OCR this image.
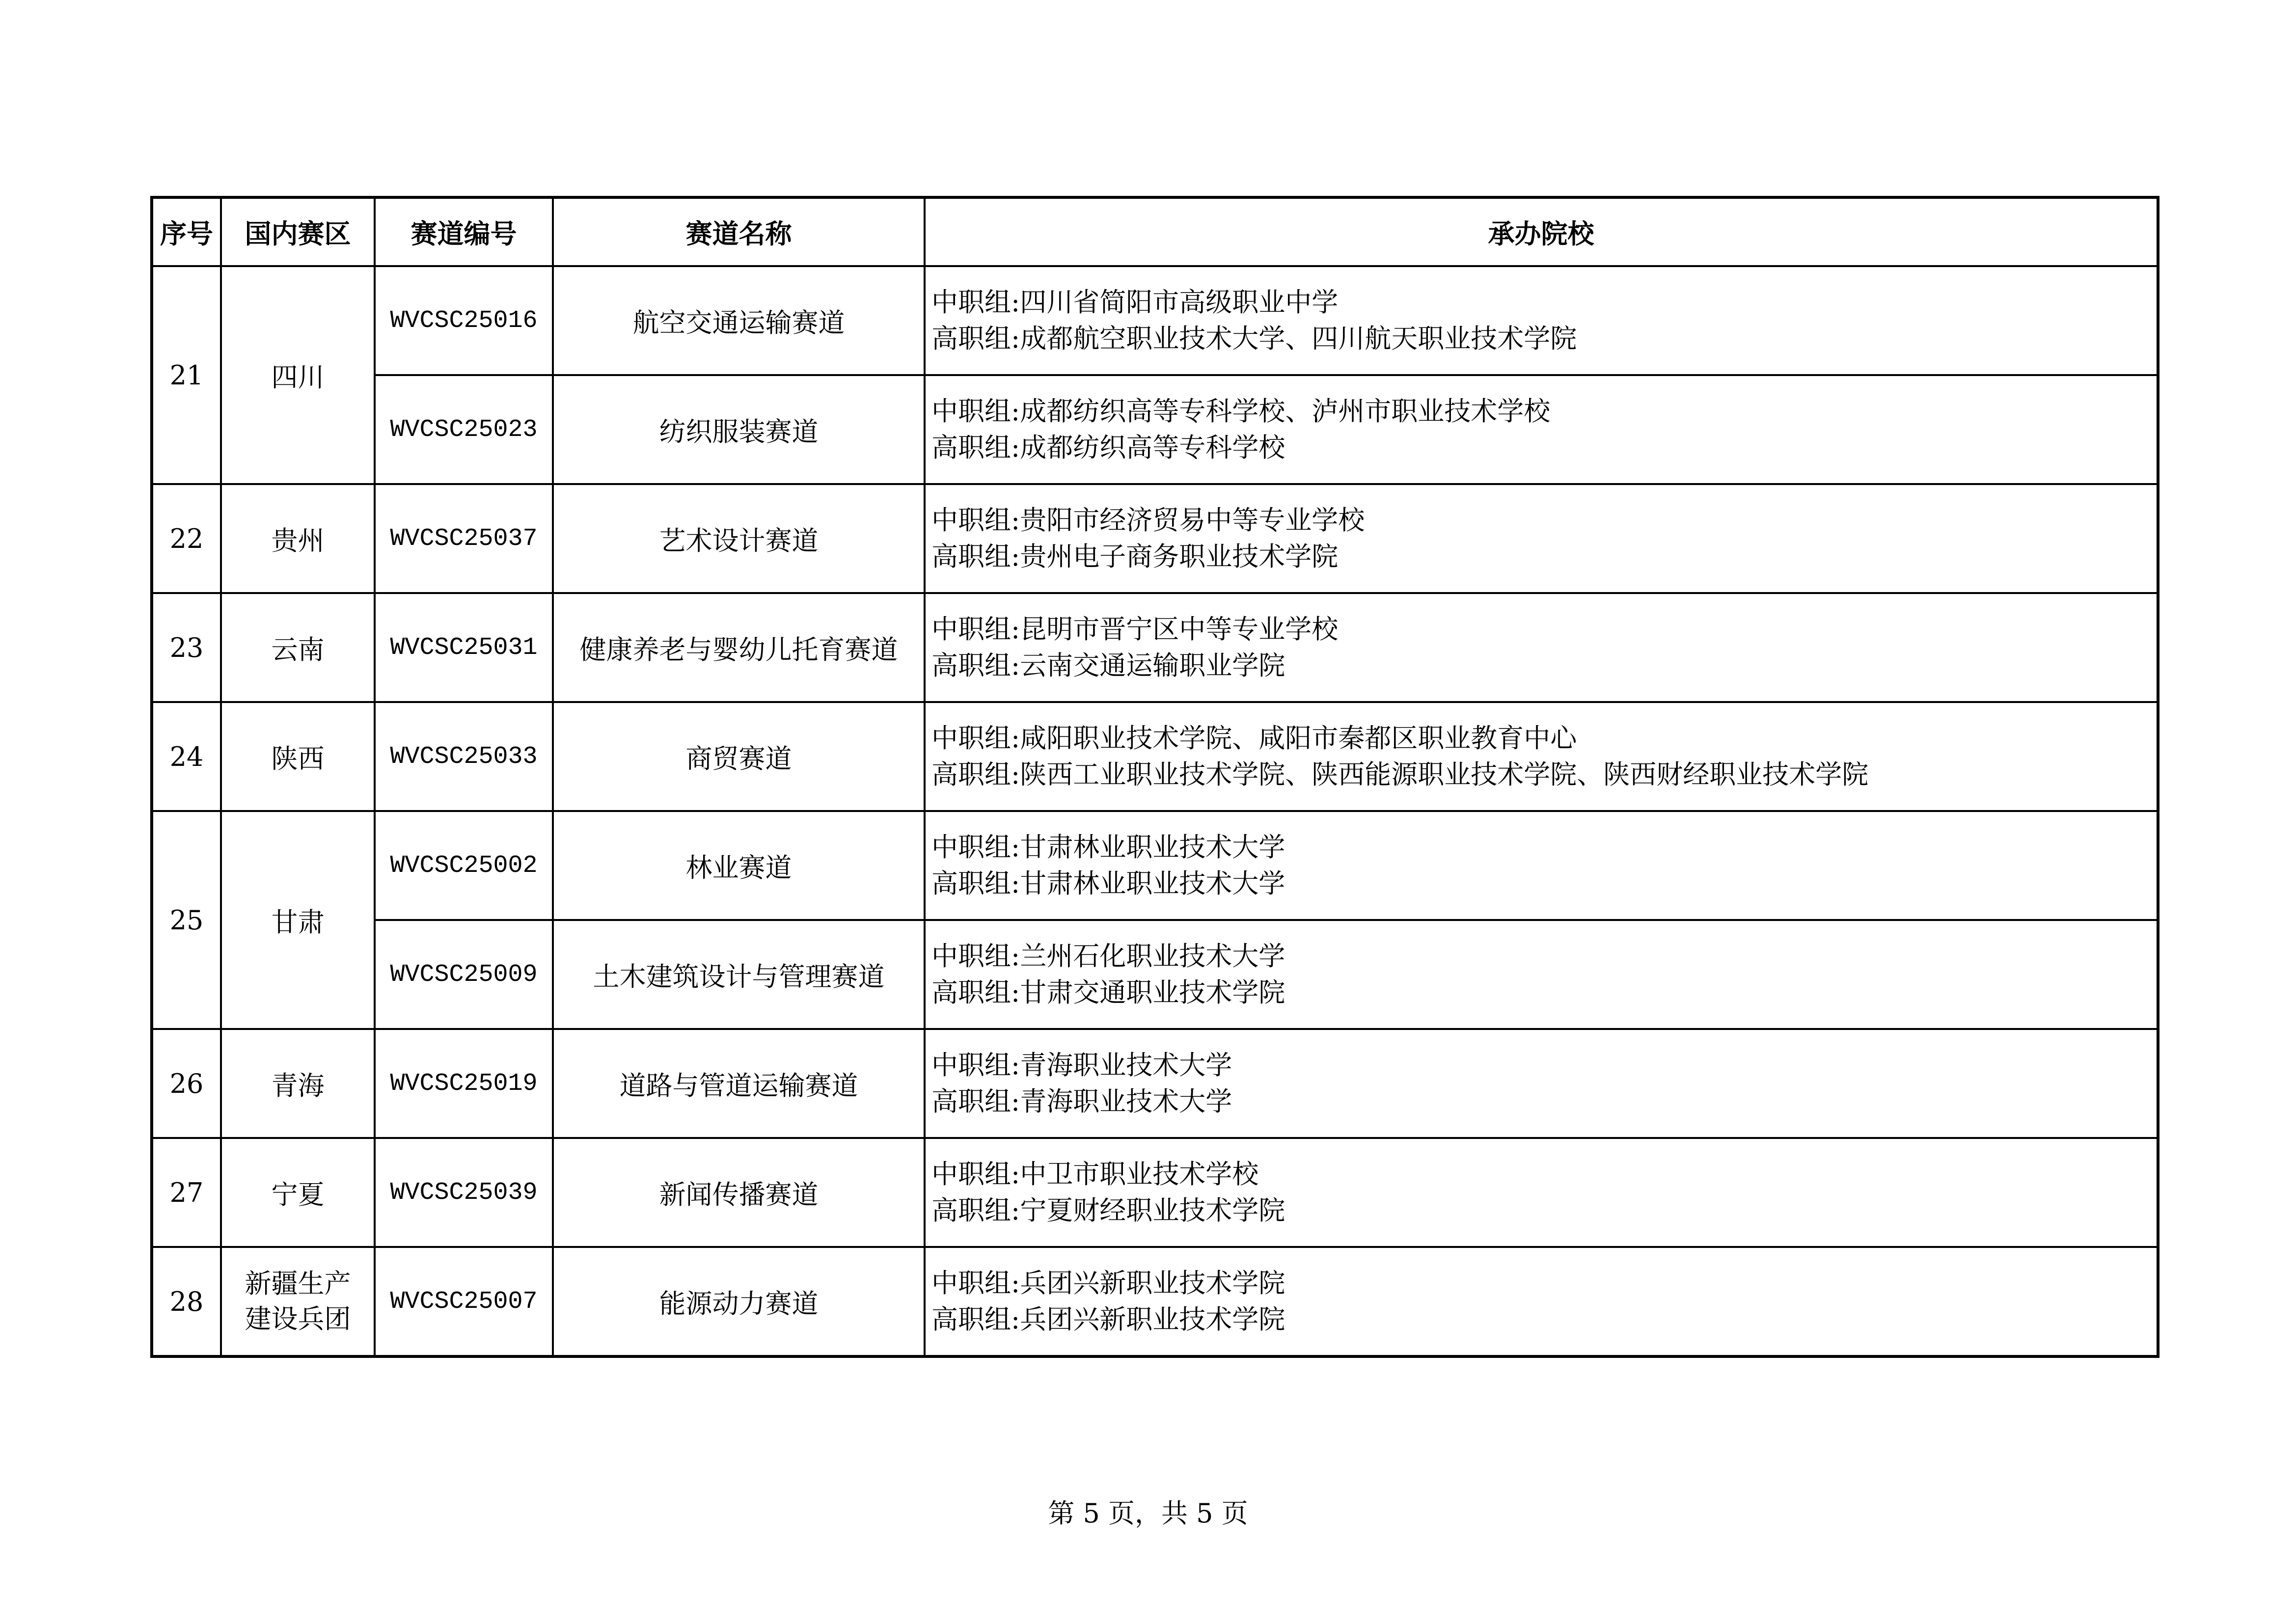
序号	国内赛区	赛道编号	赛道名称	承办院校
21	四川	WVCSC25016	航空交通运输赛道	中职组:四川省简阳市高级职业中学
高职组:成都航空职业技术大学、四川航天职业技术学院

		WVCSC25023	纺织服装赛道	中职组:成都纺织高等专科学校、泸州市职业技术学校
高职组:成都纺织高等专科学校

22	贵州	WVCSC25037	艺术设计赛道	中职组:贵阳市经济贸易中等专业学校
高职组:贵州电子商务职业技术学院

23	云南	WVCSC25031	健康养老与婴幼儿托育赛道	中职组:昆明市晋宁区中等专业学校
高职组:云南交通运输职业学院

24	陕西	WVCSC25033	商贸赛道	中职组:咸阳职业技术学院、咸阳市秦都区职业教育中心
高职组:陕西工业职业技术学院、陕西能源职业技术学院、陕西财经职业技术学院

25	甘肃	WVCSC25002	林业赛道	中职组:甘肃林业职业技术大学
高职组:甘肃林业职业技术大学

		WVCSC25009	土木建筑设计与管理赛道	中职组:兰州石化职业技术大学
高职组:甘肃交通职业技术学院

26	青海	WVCSC25019	道路与管道运输赛道	中职组:青海职业技术大学
高职组:青海职业技术大学

27	宁夏	WVCSC25039	新闻传播赛道	中职组:中卫市职业技术学校
高职组:宁夏财经职业技术学院

28	新疆生产
建设兵团	WVCSC25007	能源动力赛道	中职组:兵团兴新职业技术学院
高职组:兵团兴新职业技术学院
第 5 页，共 5 页
